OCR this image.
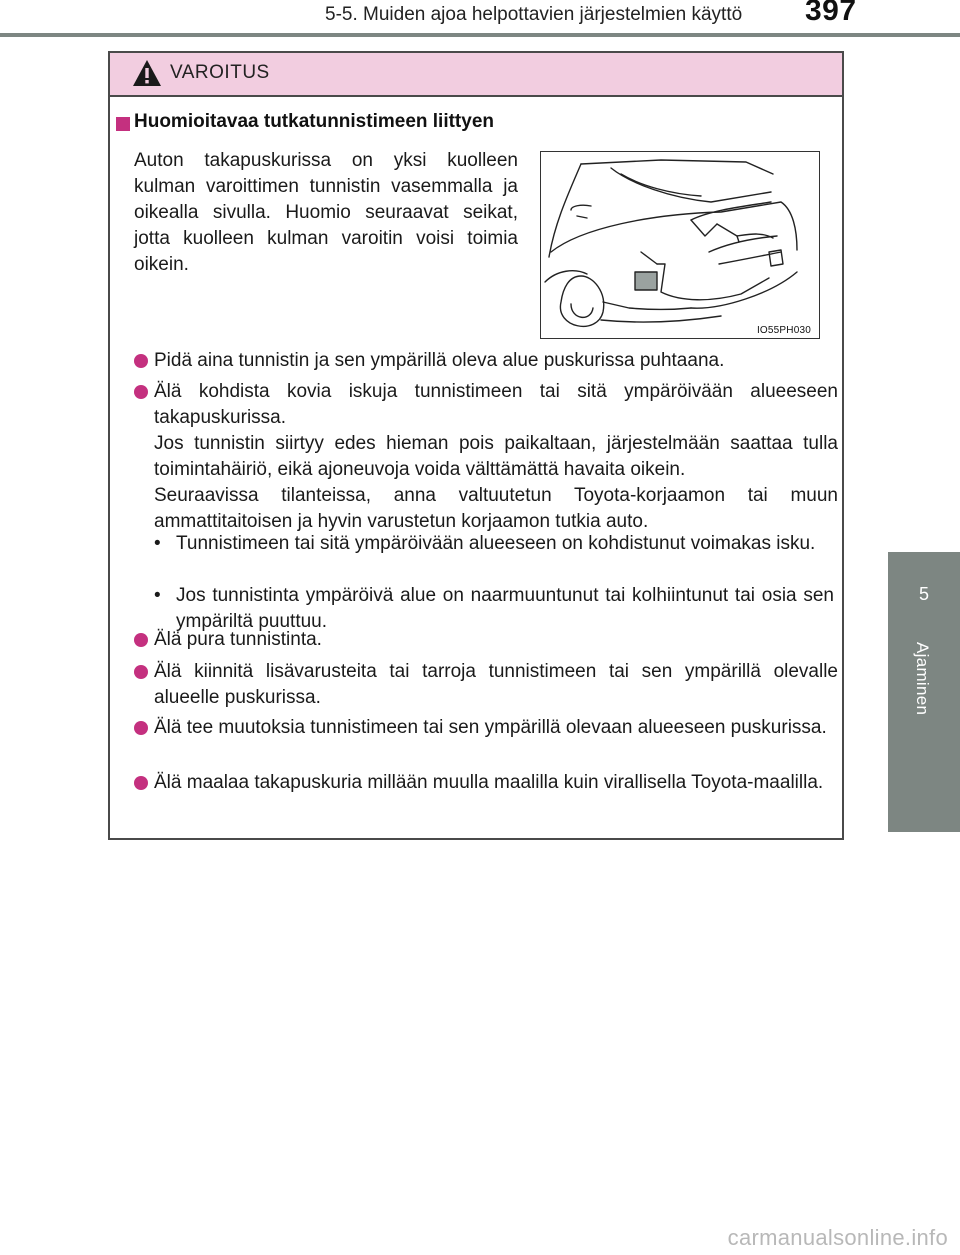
5-5. Muiden ajoa helpottavien järjestelmien käyttö 397
5
Ajaminen
VAROITUS
Huomioitavaa tutkatunnistimeen liittyen
Auton takapuskurissa on yksi kuolleen kulman varoittimen tunnistin vasemmalla ja oikealla sivulla. Huomio seuraavat seikat, jotta kuolleen kulman varoitin voisi toimia oikein.
IO55PH030
Pidä aina tunnistin ja sen ympärillä oleva alue puskurissa puhtaana.

Älä kohdista kovia iskuja tunnistimeen tai sitä ympäröivään alueeseen takapuskurissa.

Jos tunnistin siirtyy edes hieman pois paikaltaan, järjestelmään saattaa tulla toimintahäiriö, eikä ajoneuvoja voida välttämättä havaita oikein.

Seuraavissa tilanteissa, anna valtuutetun Toyota-korjaamon tai muun ammattitaitoisen ja hyvin varustetun korjaamon tutkia auto.

• Tunnistimeen tai sitä ympäröivään alueeseen on kohdistunut voimakas isku.
• Jos tunnistinta ympäröivä alue on naarmuuntunut tai kolhiintunut tai osia sen ympäriltä puuttuu.
Älä pura tunnistinta.
Älä kiinnitä lisävarusteita tai tarroja tunnistimeen tai sen ympärillä olevalle alueelle puskurissa.
Älä tee muutoksia tunnistimeen tai sen ympärillä olevaan alueeseen puskurissa.
Älä maalaa takapuskuria millään muulla maalilla kuin virallisella Toyota-maalilla.
carmanualsonline.info
